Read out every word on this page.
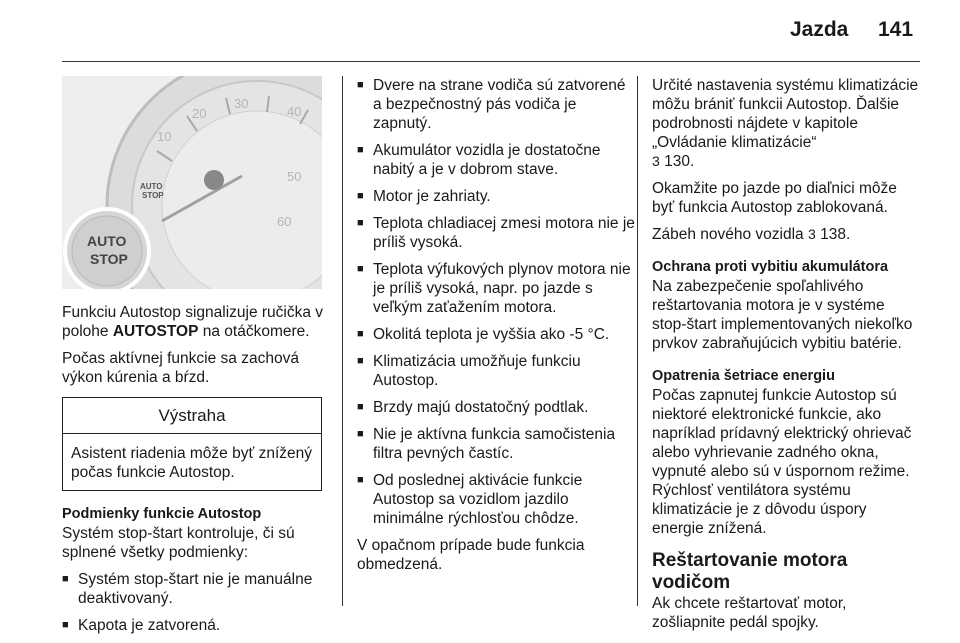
Jazda 141
10
20
30
40
50
60
AUTO
STOP
AUTO
STOP

Funkciu Autostop signalizuje ručička v polohe AUTOSTOP na otáčkomere.

Počas aktívnej funkcie sa zachová výkon kúrenia a bŕzd.

Výstraha
Asistent riadenia môže byť znížený počas funkcie Autostop.
Podmienky funkcie Autostop

Systém stop-štart kontroluje, či sú splnené všetky podmienky:

■ Systém stop-štart nie je manuálne deaktivovaný.
■ Kapota je zatvorená.
■ Dvere na strane vodiča sú zatvorené a bezpečnostný pás vodiča je zapnutý.
■ Akumulátor vozidla je dostatočne nabitý a je v dobrom stave.
■ Motor je zahriaty.
■ Teplota chladiacej zmesi motora nie je príliš vysoká.
■ Teplota výfukových plynov motora nie je príliš vysoká, napr. po jazde s veľkým zaťažením motora.
■ Okolitá teplota je vyššia ako -5 °C.
■ Klimatizácia umožňuje funkciu Autostop.
■ Brzdy majú dostatočný podtlak.
■ Nie je aktívna funkcia samočistenia filtra pevných častíc.
■ Od poslednej aktivácie funkcie Autostop sa vozidlom jazdilo minimálne rýchlosťou chôdze.

V opačnom prípade bude funkcia obmedzená.

Určité nastavenia systému klimatizácie môžu brániť funkcii Autostop. Ďalšie podrobnosti nájdete v kapitole „Ovládanie klimatizácie“
3 130.

Okamžite po jazde po diaľnici môže byť funkcia Autostop zablokovaná.

Zábeh nového vozidla 3 138.

Ochrana proti vybitiu akumulátora

Na zabezpečenie spoľahlivého reštartovania motora je v systéme stop-štart implementovaných niekoľko prvkov zabraňujúcich vybitiu batérie.

Opatrenia šetriace energiu

Počas zapnutej funkcie Autostop sú niektoré elektronické funkcie, ako napríklad prídavný elektrický ohrievač alebo vyhrievanie zadného okna, vypnuté alebo sú v úspornom režime. Rýchlosť ventilátora systému klimatizácie je z dôvodu úspory energie znížená.

Reštartovanie motora vodičom

Ak chcete reštartovať motor, zošliapnite pedál spojky.
